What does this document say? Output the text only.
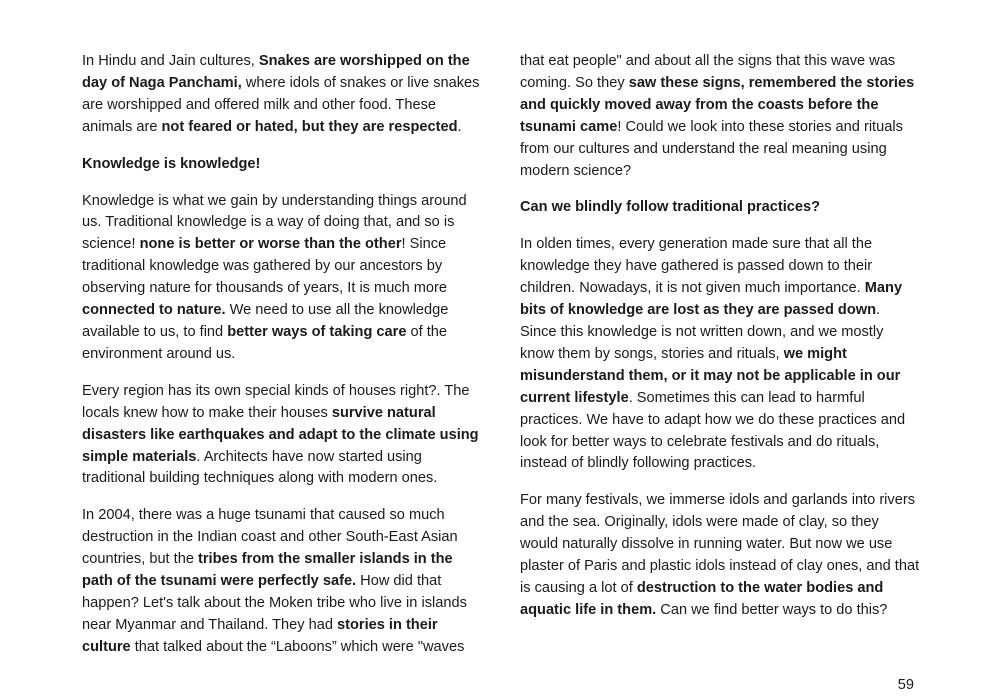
In Hindu and Jain cultures, Snakes are worshipped on the day of Naga Panchami, where idols of snakes or live snakes are worshipped and offered milk and other food. These animals are not feared or hated, but they are respected.

Knowledge is knowledge!

Knowledge is what we gain by understanding things around us. Traditional knowledge is a way of doing that, and so is science! none is better or worse than the other! Since traditional knowledge was gathered by our ancestors by observing nature for thousands of years, It is much more connected to nature. We need to use all the knowledge available to us, to find better ways of taking care of the environment around us.

Every region has its own special kinds of houses right?. The locals knew how to make their houses survive natural disasters like earthquakes and adapt to the climate using simple materials. Architects have now started using traditional building techniques along with modern ones.

In 2004, there was a huge tsunami that caused so much destruction in the Indian coast and other South-East Asian countries, but the tribes from the smaller islands in the path of the tsunami were perfectly safe. How did that happen? Let's talk about the Moken tribe who live in islands near Myanmar and Thailand. They had stories in their culture that talked about the “Laboons” which were "waves

that eat people" and about all the signs that this wave was coming. So they saw these signs, remembered the stories and quickly moved away from the coasts before the tsunami came! Could we look into these stories and rituals from our cultures and understand the real meaning using modern science?

Can we blindly follow traditional practices?

In olden times, every generation made sure that all the knowledge they have gathered is passed down to their children. Nowadays, it is not given much importance. Many bits of knowledge are lost as they are passed down. Since this knowledge is not written down, and we mostly know them by songs, stories and rituals, we might misunderstand them, or it may not be applicable in our current lifestyle. Sometimes this can lead to harmful practices. We have to adapt how we do these practices and look for better ways to celebrate festivals and do rituals, instead of blindly following practices.

For many festivals, we immerse idols and garlands into rivers and the sea. Originally, idols were made of clay, so they would naturally dissolve in running water. But now we use plaster of Paris and plastic idols instead of clay ones, and that is causing a lot of destruction to the water bodies and aquatic life in them. Can we find better ways to do this?

59
